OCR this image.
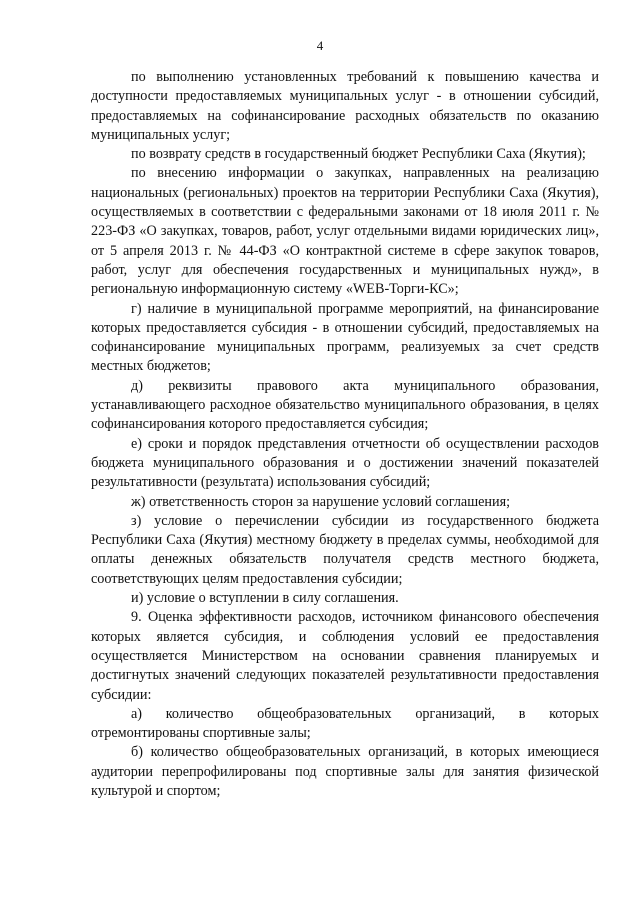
4

по выполнению установленных требований к повышению качества и доступности предоставляемых муниципальных услуг - в отношении субсидий, предоставляемых на софинансирование расходных обязательств по оказанию муниципальных услуг;

по возврату средств в государственный бюджет Республики Саха (Якутия);

по внесению информации о закупках, направленных на реализацию национальных (региональных) проектов на территории Республики Саха (Якутия), осуществляемых в соответствии с федеральными законами от 18 июля 2011 г. № 223-ФЗ «О закупках, товаров, работ, услуг отдельными видами юридических лиц», от 5 апреля 2013 г. № 44-ФЗ «О контрактной системе в сфере закупок товаров, работ, услуг для обеспечения государственных и муниципальных нужд», в региональную информационную систему «WEB-Торги-КС»;

г) наличие в муниципальной программе мероприятий, на финансирование которых предоставляется субсидия - в отношении субсидий, предоставляемых на софинансирование муниципальных программ, реализуемых за счет средств местных бюджетов;

д) реквизиты правового акта муниципального образования, устанавливающего расходное обязательство муниципального образования, в целях софинансирования которого предоставляется субсидия;

е) сроки и порядок представления отчетности об осуществлении расходов бюджета муниципального образования и о достижении значений показателей результативности (результата) использования субсидий;

ж) ответственность сторон за нарушение условий соглашения;

з) условие о перечислении субсидии из государственного бюджета Республики Саха (Якутия) местному бюджету в пределах суммы, необходимой для оплаты денежных обязательств получателя средств местного бюджета, соответствующих целям предоставления субсидии;

и) условие о вступлении в силу соглашения.

9. Оценка эффективности расходов, источником финансового обеспечения которых является субсидия, и соблюдения условий ее предоставления осуществляется Министерством на основании сравнения планируемых и достигнутых значений следующих показателей результативности предоставления субсидии:

а) количество общеобразовательных организаций, в которых отремонтированы спортивные залы;

б) количество общеобразовательных организаций, в которых имеющиеся аудитории перепрофилированы под спортивные залы для занятия физической культурой и спортом;
